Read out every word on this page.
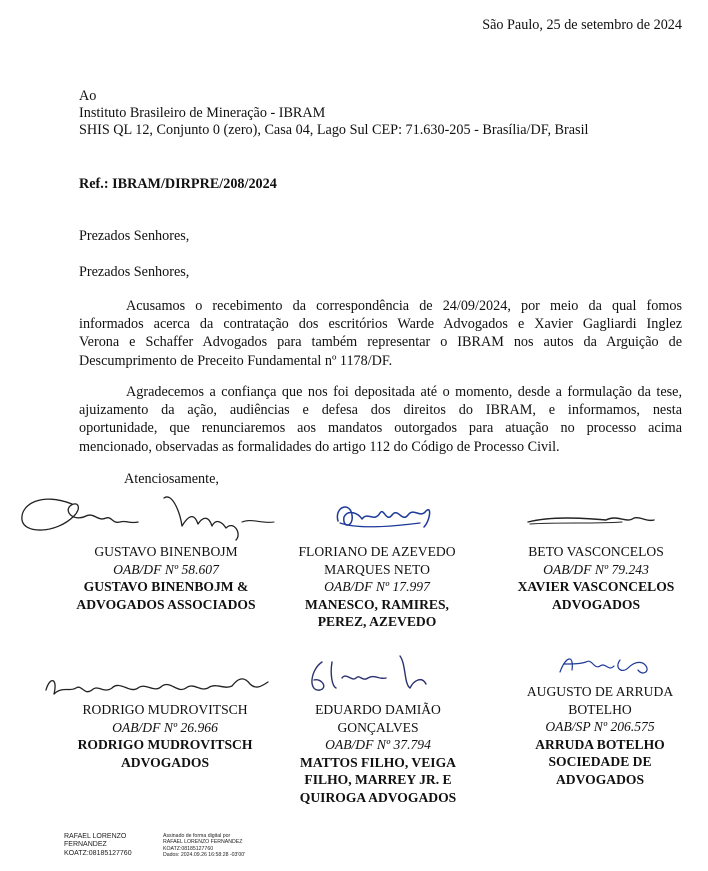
São Paulo, 25 de setembro de 2024
Ao
Instituto Brasileiro de Mineração - IBRAM
SHIS QL 12, Conjunto 0 (zero), Casa 04, Lago Sul CEP: 71.630-205 - Brasília/DF, Brasil
Ref.: IBRAM/DIRPRE/208/2024
Prezados Senhores,
Prezados Senhores,

Acusamos o recebimento da correspondência de 24/09/2024, por meio da qual fomos

informados acerca da contratação dos escritórios Warde Advogados e Xavier Gagliardi Inglez

Verona e Schaffer Advogados para também representar o IBRAM nos autos da Arguição de

Descumprimento de Preceito Fundamental nº 1178/DF.

Agradecemos a confiança que nos foi depositada até o momento, desde a formulação da tese,

ajuizamento da ação, audiências e defesa dos direitos do IBRAM, e informamos, nesta

oportunidade, que renunciaremos aos mandatos outorgados para atuação no processo acima

mencionado, observadas as formalidades do artigo 112 do Código de Processo Civil.

Atenciosamente,
GUSTAVO BINENBOJM
OAB/DF Nº 58.607
GUSTAVO BINENBOJM &
ADVOGADOS ASSOCIADOS
FLORIANO DE AZEVEDO
MARQUES NETO
OAB/DF Nº 17.997
MANESCO, RAMIRES,
PEREZ, AZEVEDO
BETO VASCONCELOS
OAB/DF Nº 79.243
XAVIER VASCONCELOS
ADVOGADOS
RODRIGO MUDROVITSCH
OAB/DF Nº 26.966
RODRIGO MUDROVITSCH
ADVOGADOS
EDUARDO DAMIÃO
GONÇALVES
OAB/DF Nº 37.794
MATTOS FILHO, VEIGA
FILHO, MARREY JR. E
QUIROGA ADVOGADOS
AUGUSTO DE ARRUDA
BOTELHO
OAB/SP Nº 206.575
ARRUDA BOTELHO
SOCIEDADE DE
ADVOGADOS
RAFAEL LORENZO
FERNANDEZ
KOATZ:08185127760
Assinado de forma digital por
RAFAEL LORENZO FERNANDEZ
KOATZ:08185127760
Dados: 2024.09.26 16:58:28 -03'00'
